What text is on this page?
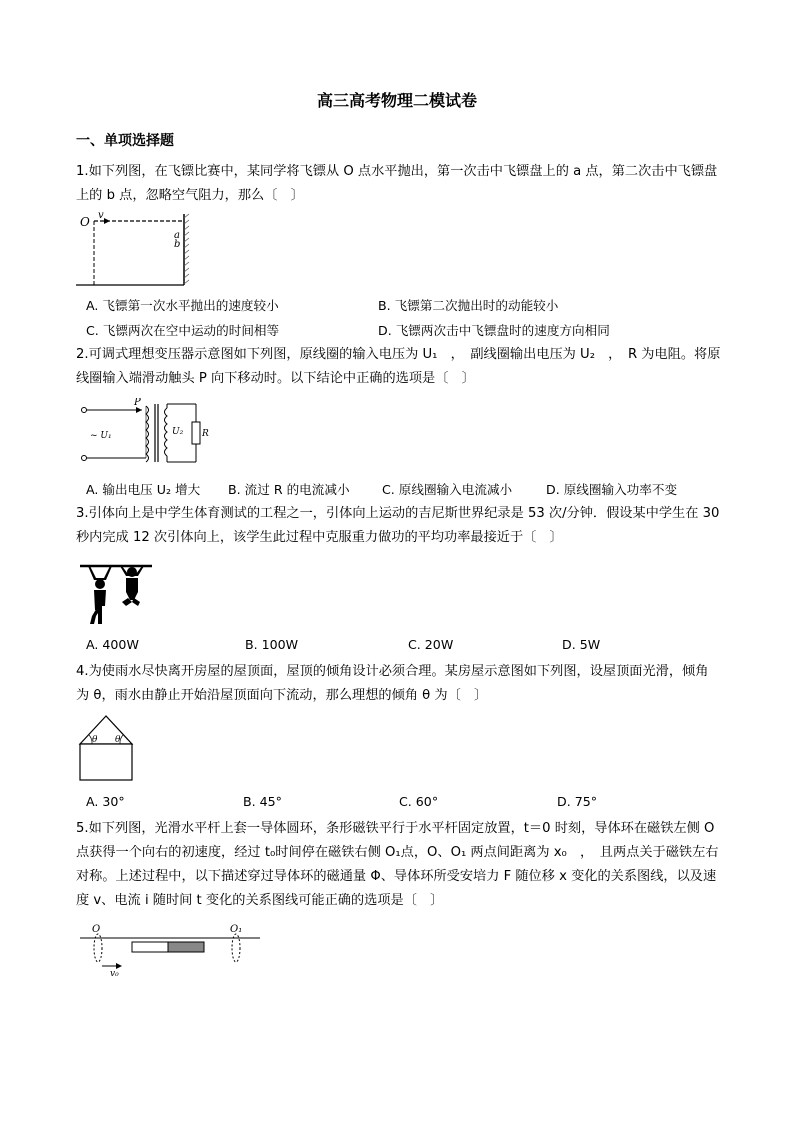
高三高考物理二模试卷
一、单项选择题
1.如下列图，在飞镖比赛中，某同学将飞镖从 O 点水平抛出，第一次击中飞镖盘上的 a 点，第二次击中飞镖盘上的 b 点，忽略空气阻力，那么〔　〕
O v
a
b
A. 飞镖第一次水平抛出的速度较小	B. 飞镖第二次抛出时的动能较小
C. 飞镖两次在空中运动的时间相等	D. 飞镖两次击中飞镖盘时的速度方向相同
2.可调式理想变压器示意图如下列图，原线圈的输入电压为 U₁　，　副线圈输出电压为 U₂　，　R 为电阻。将原线圈输入端滑动触头 P 向下移动时。以下结论中正确的选项是〔　〕
P
~ U₁	U₂ R
A. 输出电压 U₂ 增大 B. 流过 R 的电流减小	C. 原线圈输入电流减小	D. 原线圈输入功率不变
3.引体向上是中学生体育测试的工程之一，引体向上运动的吉尼斯世界纪录是 53 次/分钟．假设某中学生在 30 秒内完成 12 次引体向上，该学生此过程中克服重力做功的平均功率最接近于〔　〕
A. 400W	B. 100W	C. 20W	D. 5W
4.为使雨水尽快离开房屋的屋顶面，屋顶的倾角设计必须合理。某房屋示意图如下列图，设屋顶面光滑，倾角为 θ，雨水由静止开始沿屋顶面向下流动，那么理想的倾角 θ 为〔　〕
θ θ
A. 30°	B. 45°	C. 60°	D. 75°
5.如下列图，光滑水平杆上套一导体圆环，条形磁铁平行于水平杆固定放置，t＝0 时刻，导体环在磁铁左侧 O 点获得一个向右的初速度，经过 t₀时间停在磁铁右侧 O₁点，O、O₁ 两点间距离为 x₀　，　且两点关于磁铁左右对称。上述过程中，以下描述穿过导体环的磁通量 Φ、导体环所受安培力 F 随位移 x 变化的关系图线，以及速度 v、电流 i 随时间 t 变化的关系图线可能正确的选项是〔　〕
O	O₁
v₀
